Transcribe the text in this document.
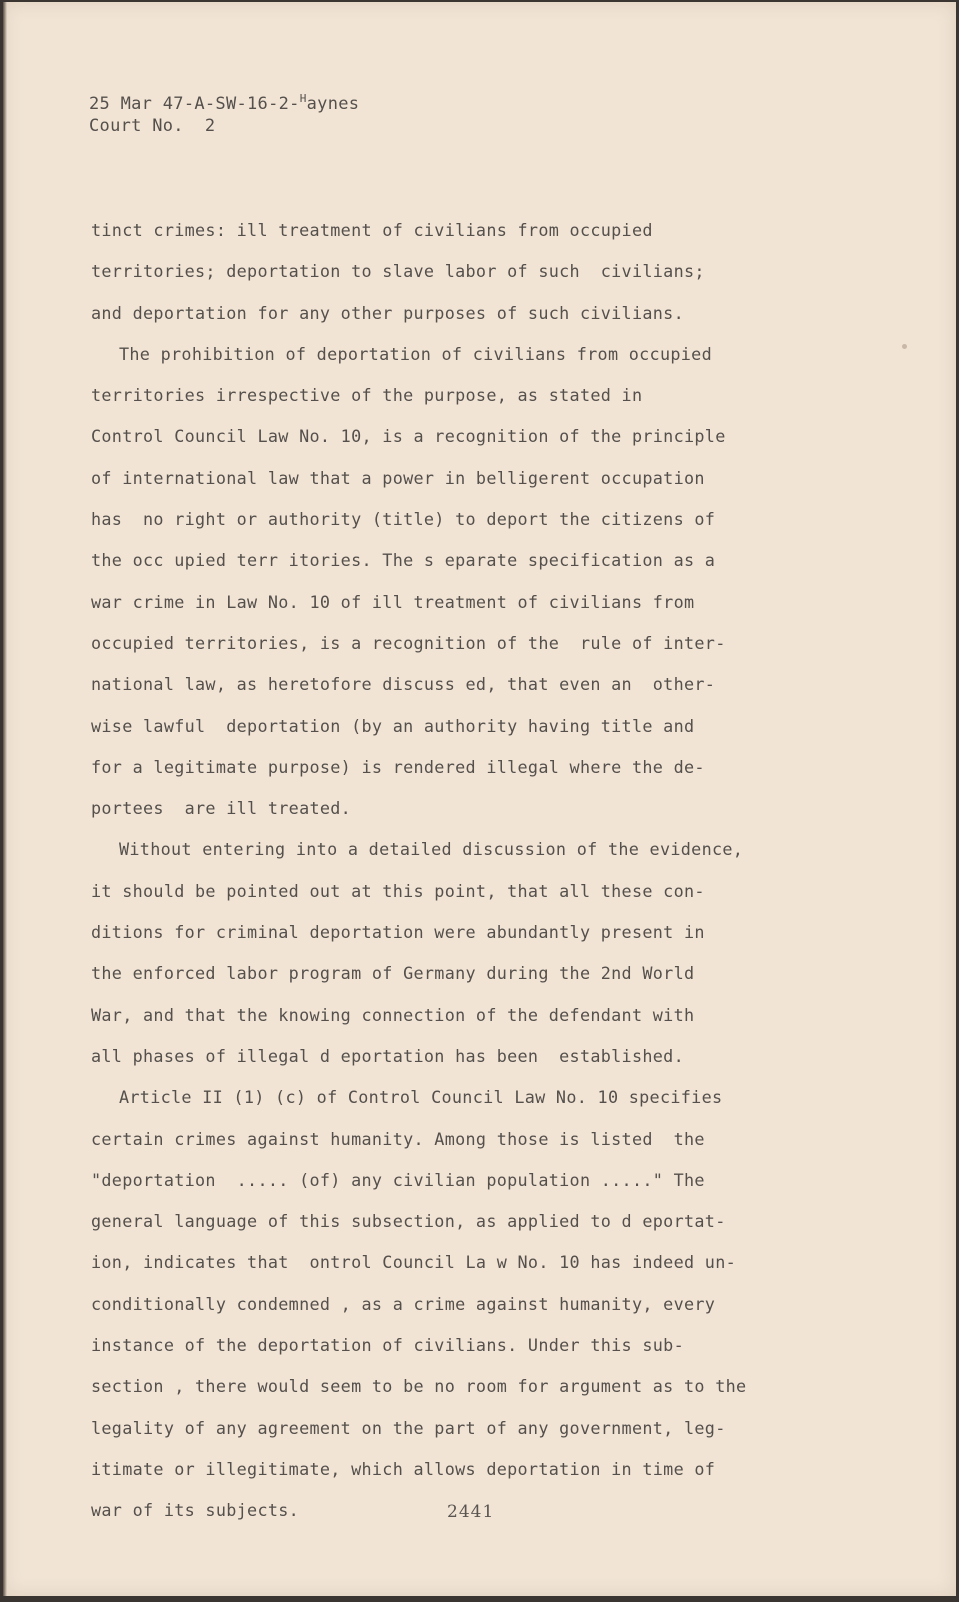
25 Mar 47-A-SW-16-2-$^H$aynes
Court No.  2
tinct crimes: ill treatment of civilians from occupied
territories; deportation to slave labor of such  civilians;
and deportation for any other purposes of such civilians.
The prohibition of deportation of civilians from occupied
territories irrespective of the purpose, as stated in
Control Council Law No. 10, is a recognition of the principle
of international law that a power in belligerent occupation
has  no right or authority (title) to deport the citizens of
the occ upied terr itories. The s eparate specification as a
war crime in Law No. 10 of ill treatment of civilians from
occupied territories, is a recognition of the  rule of inter-
national law, as heretofore discuss ed, that even an  other-
wise lawful  deportation (by an authority having title and
for a legitimate purpose) is rendered illegal where the de-
portees  are ill treated.
Without entering into a detailed discussion of the evidence,
it should be pointed out at this point, that all these con-
ditions for criminal deportation were abundantly present in
the enforced labor program of Germany during the 2nd World
War, and that the knowing connection of the defendant with
all phases of illegal d eportation has been  established.
Article II (1) (c) of Control Council Law No. 10 specifies
certain crimes against humanity. Among those is listed  the
"deportation  ..... (of) any civilian population ....." The
general language of this subsection, as applied to d eportat-
ion, indicates that  ontrol Council La w No. 10 has indeed un-
conditionally condemned , as a crime against humanity, every
instance of the deportation of civilians. Under this sub-
section , there would seem to be no room for argument as to the
legality of any agreement on the part of any government, leg-
itimate or illegitimate, which allows deportation in time of
war of its subjects.	2441
